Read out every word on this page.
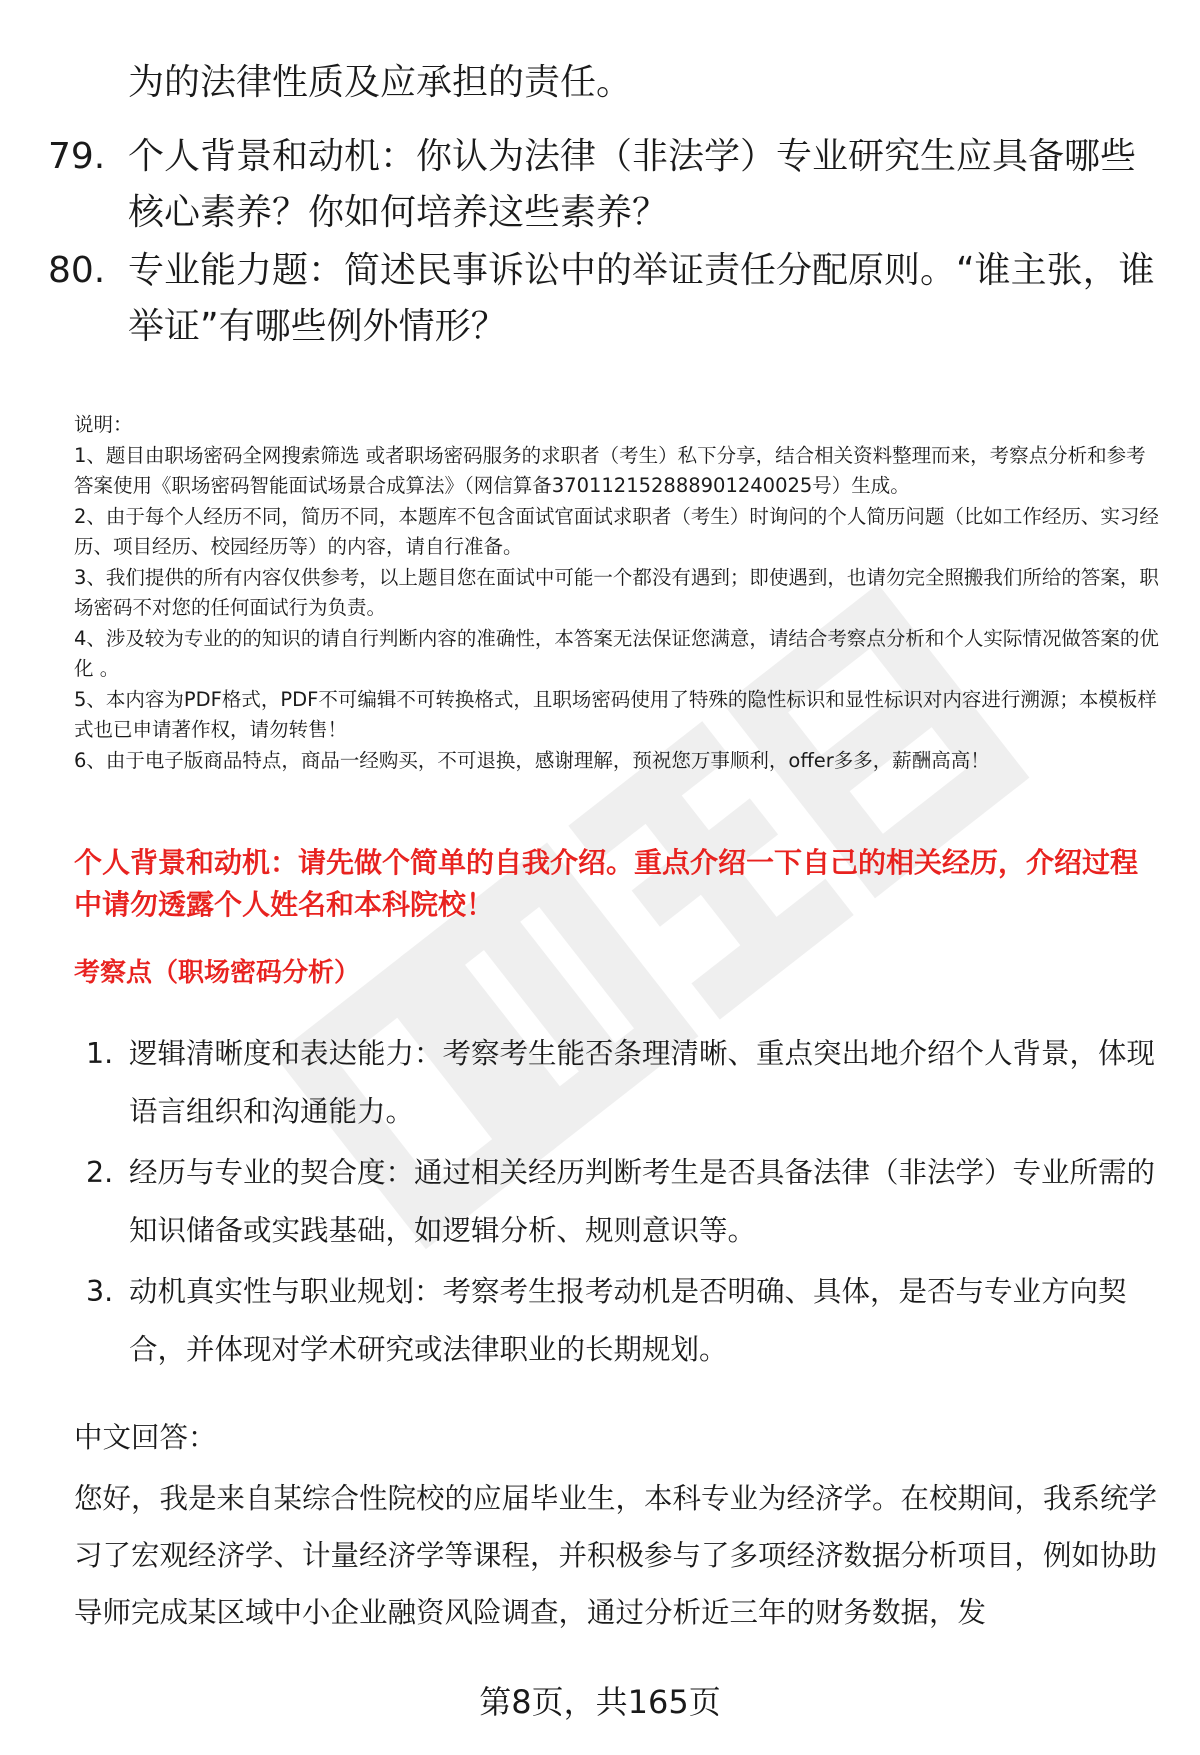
为的法律性质及应承担的责任。

79. 个人背景和动机：你认为法律（非法学）专业研究生应具备哪些核心素养？你如何培养这些素养？
80. 专业能力题：简述民事诉讼中的举证责任分配原则。“谁主张，谁举证”有哪些例外情形？
说明：
1、题目由职场密码全网搜索筛选 或者职场密码服务的求职者（考生）私下分享，结合相关资料整理而来，考察点分析和参考答案使用《职场密码智能面试场景合成算法》（网信算备370112152888901240025号）生成。
2、由于每个人经历不同，简历不同，本题库不包含面试官面试求职者（考生）时询问的个人简历问题（比如工作经历、实习经历、项目经历、校园经历等）的内容，请自行准备。
3、我们提供的所有内容仅供参考，以上题目您在面试中可能一个都没有遇到；即使遇到，也请勿完全照搬我们所给的答案，职场密码不对您的任何面试行为负责。
4、涉及较为专业的的知识的请自行判断内容的准确性，本答案无法保证您满意，请结合考察点分析和个人实际情况做答案的优化 。
5、本内容为PDF格式，PDF不可编辑不可转换格式，且职场密码使用了特殊的隐性标识和显性标识对内容进行溯源；本模板样式也已申请著作权，请勿转售！
6、由于电子版商品特点，商品一经购买，不可退换，感谢理解，预祝您万事顺利，offer多多，薪酬高高！
个人背景和动机：请先做个简单的自我介绍。重点介绍一下自己的相关经历，介绍过程中请勿透露个人姓名和本科院校！
考察点（职场密码分析）
1. 逻辑清晰度和表达能力：考察考生能否条理清晰、重点突出地介绍个人背景，体现语言组织和沟通能力。
2. 经历与专业的契合度：通过相关经历判断考生是否具备法律（非法学）专业所需的知识储备或实践基础，如逻辑分析、规则意识等。
3. 动机真实性与职业规划：考察考生报考动机是否明确、具体，是否与专业方向契合，并体现对学术研究或法律职业的长期规划。
中文回答：
您好，我是来自某综合性院校的应届毕业生，本科专业为经济学。在校期间，我系统学习了宏观经济学、计量经济学等课程，并积极参与了多项经济数据分析项目，例如协助导师完成某区域中小企业融资风险调查，通过分析近三年的财务数据，发
第8页，共165页
